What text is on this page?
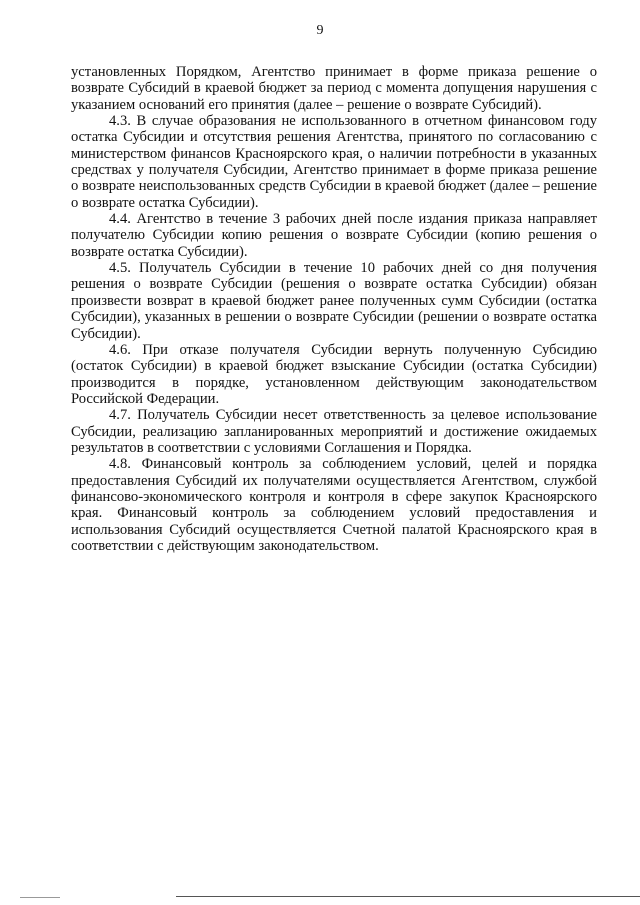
9

установленных Порядком, Агентство принимает в форме приказа решение о возврате Субсидий в краевой бюджет за период с момента допущения нарушения с указанием оснований его принятия (далее – решение о возврате Субсидий).

4.3. В случае образования не использованного в отчетном финансовом году остатка Субсидии и отсутствия решения Агентства, принятого по согласованию с министерством финансов Красноярского края, о наличии потребности в указанных средствах у получателя Субсидии, Агентство принимает в форме приказа решение о возврате неиспользованных средств Субсидии в краевой бюджет (далее – решение о возврате остатка Субсидии).

4.4. Агентство в течение 3 рабочих дней после издания приказа направляет получателю Субсидии копию решения о возврате Субсидии (копию решения о возврате остатка Субсидии).

4.5. Получатель Субсидии в течение 10 рабочих дней со дня получения решения о возврате Субсидии (решения о возврате остатка Субсидии) обязан произвести возврат в краевой бюджет ранее полученных сумм Субсидии (остатка Субсидии), указанных в решении о возврате Субсидии (решении о возврате остатка Субсидии).

4.6. При отказе получателя Субсидии вернуть полученную Субсидию (остаток Субсидии) в краевой бюджет взыскание Субсидии (остатка Субсидии) производится в порядке, установленном действующим законодательством Российской Федерации.

4.7. Получатель Субсидии несет ответственность за целевое использование Субсидии, реализацию запланированных мероприятий и достижение ожидаемых результатов в соответствии с условиями Соглашения и Порядка.

4.8. Финансовый контроль за соблюдением условий, целей и порядка предоставления Субсидий их получателями осуществляется Агентством, службой финансово-экономического контроля и контроля в сфере закупок Красноярского края. Финансовый контроль за соблюдением условий предоставления и использования Субсидий осуществляется Счетной палатой Красноярского края в соответствии с действующим законодательством.
